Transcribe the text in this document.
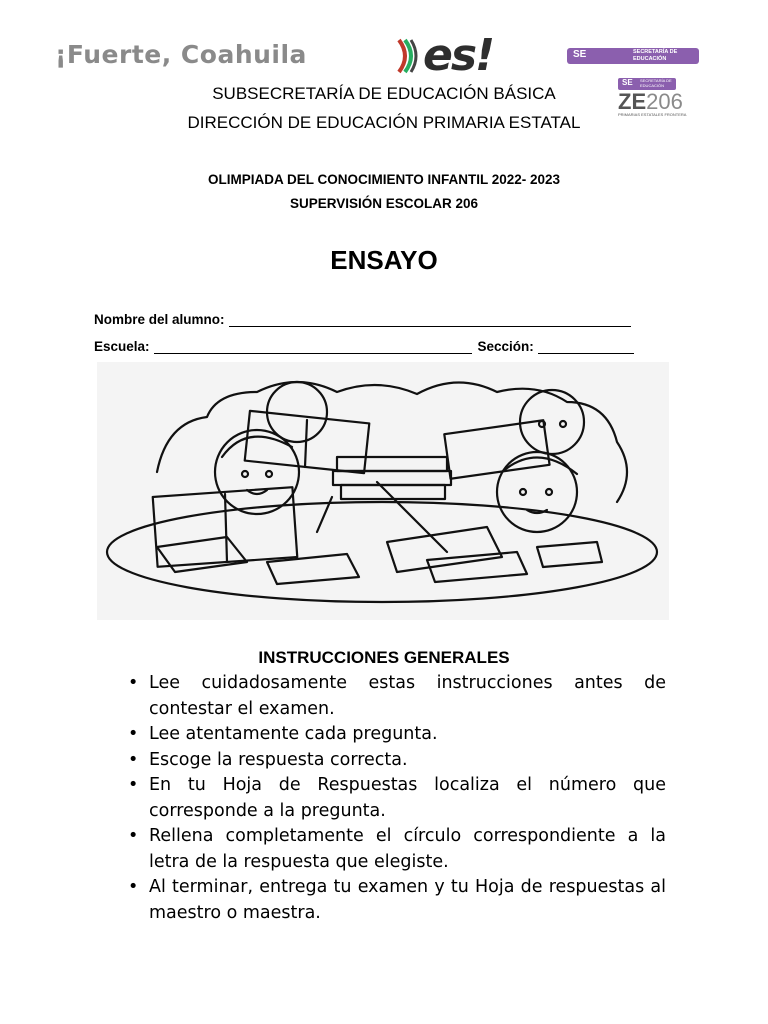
¡Fuerte, Coahuila	es!	SE	SECRETARÍA DE EDUCACIÓN
SE SECRETARÍA DE EDUCACIÓN
ZE206
PRIMARIAS ESTATALES FRONTERA
SUBSECRETARÍA DE EDUCACIÓN BÁSICA
DIRECCIÓN DE EDUCACIÓN PRIMARIA ESTATAL
OLIMPIADA DEL CONOCIMIENTO INFANTIL 2022- 2023
SUPERVISIÓN ESCOLAR 206
ENSAYO
Nombre del alumno:
Escuela:	Sección:
INSTRUCCIONES GENERALES
• Lee cuidadosamente estas instrucciones antes de contestar el examen.
• Lee atentamente cada pregunta.
• Escoge la respuesta correcta.
• En tu Hoja de Respuestas localiza el número que corresponde a la pregunta.
• Rellena completamente el círculo correspondiente a la letra de la respuesta que elegiste.
• Al terminar, entrega tu examen y tu Hoja de respuestas al maestro o maestra.
